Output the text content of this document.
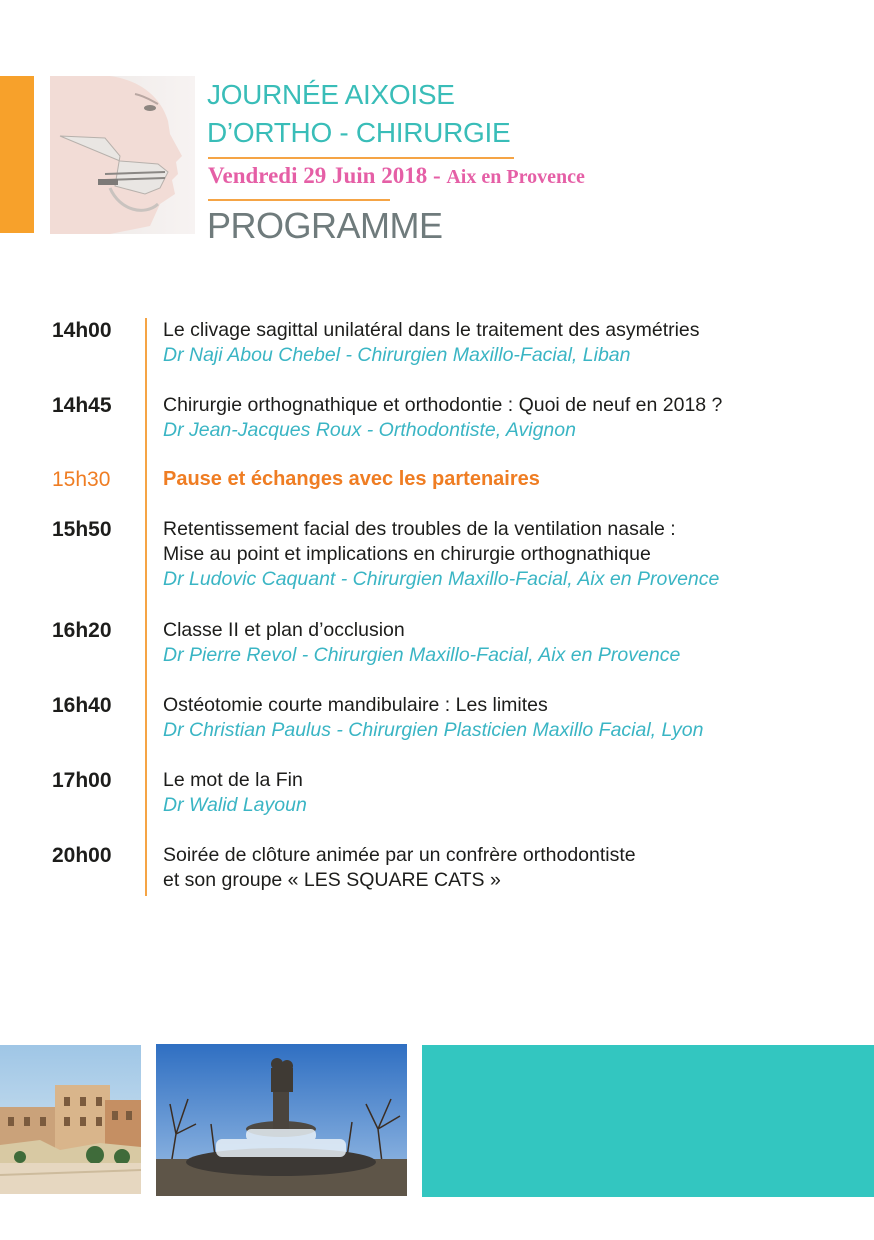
JOURNÉE AIXOISE
D’ORTHO - CHIRURGIE
Vendredi 29 Juin 2018 - Aix en Provence
PROGRAMME
14h00	Le clivage sagittal unilatéral dans le traitement des asymétries
Dr Naji Abou Chebel - Chirurgien Maxillo-Facial, Liban
14h45	Chirurgie orthognathique et orthodontie : Quoi de neuf en 2018 ?
Dr Jean-Jacques Roux - Orthodontiste, Avignon
15h30	Pause et échanges avec les partenaires
15h50	Retentissement facial des troubles de la ventilation nasale :
Mise au point et implications en chirurgie orthognathique
Dr Ludovic Caquant - Chirurgien Maxillo-Facial, Aix en Provence
16h20	Classe II et plan d’occlusion
Dr Pierre Revol - Chirurgien Maxillo-Facial, Aix en Provence
16h40	Ostéotomie courte mandibulaire : Les limites
Dr Christian Paulus - Chirurgien Plasticien Maxillo Facial, Lyon
17h00	Le mot de la Fin
Dr Walid Layoun
20h00	Soirée de clôture animée par un confrère orthodontiste
et son groupe « LES SQUARE CATS »
